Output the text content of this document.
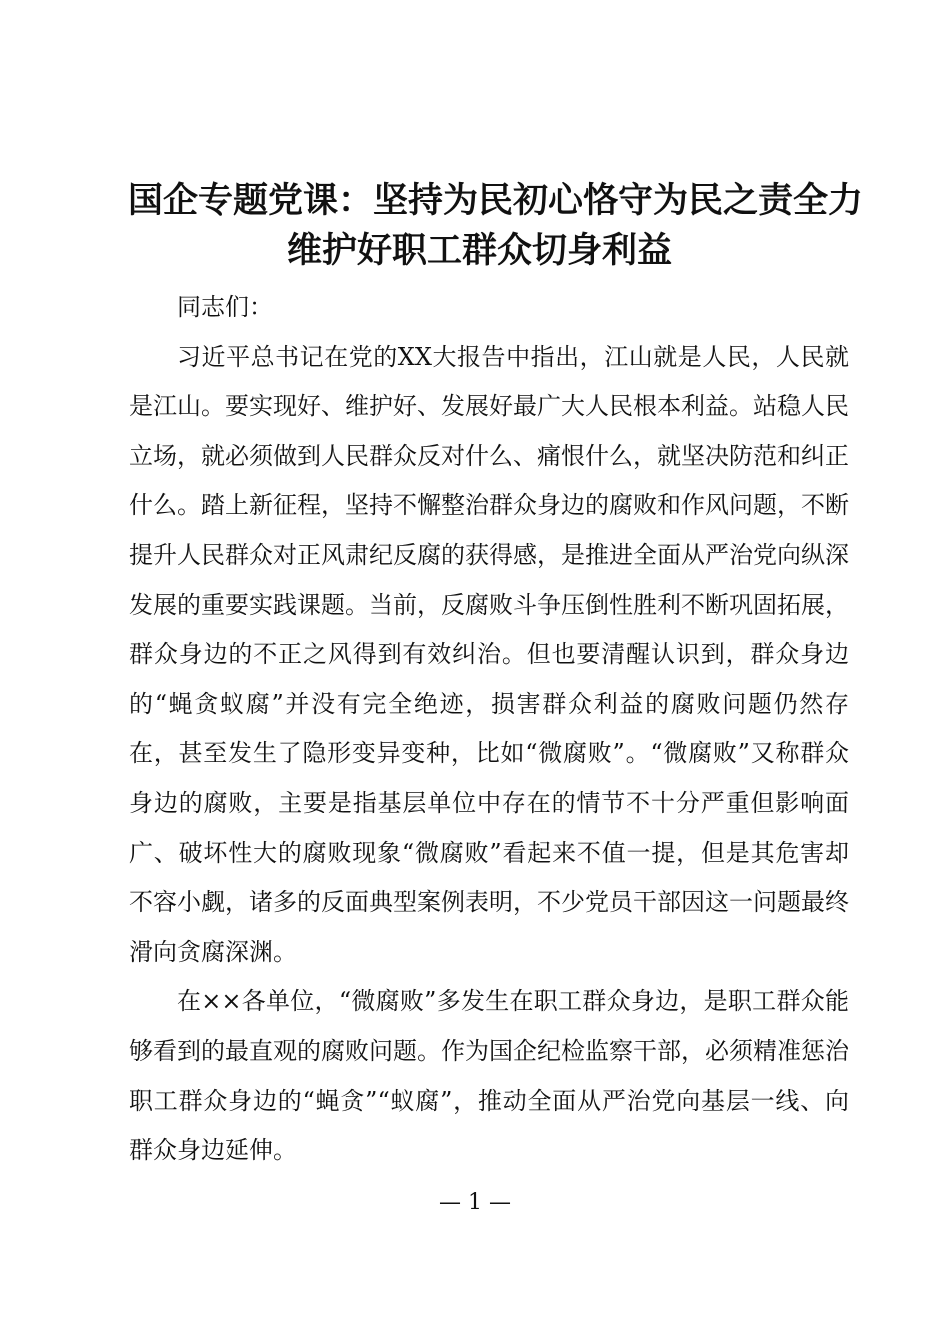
国企专题党课：坚持为民初心恪守为民之责全力
维护好职工群众切身利益

同志们：

习近平总书记在党的XX大报告中指出，江山就是人民，人民就是江山。要实现好、维护好、发展好最广大人民根本利益。站稳人民立场，就必须做到人民群众反对什么、痛恨什么，就坚决防范和纠正什么。踏上新征程，坚持不懈整治群众身边的腐败和作风问题，不断提升人民群众对正风肃纪反腐的获得感，是推进全面从严治党向纵深发展的重要实践课题。当前，反腐败斗争压倒性胜利不断巩固拓展，群众身边的不正之风得到有效纠治。但也要清醒认识到，群众身边的“蝇贪蚁腐”并没有完全绝迹，损害群众利益的腐败问题仍然存在，甚至发生了隐形变异变种，比如“微腐败”。“微腐败”又称群众身边的腐败，主要是指基层单位中存在的情节不十分严重但影响面广、破坏性大的腐败现象“微腐败”看起来不值一提，但是其危害却不容小觑，诸多的反面典型案例表明，不少党员干部因这一问题最终滑向贪腐深渊。

在××各单位，“微腐败”多发生在职工群众身边，是职工群众能够看到的最直观的腐败问题。作为国企纪检监察干部，必须精准惩治职工群众身边的“蝇贪”“蚁腐”，推动全面从严治党向基层一线、向群众身边延伸。

— 1 —
